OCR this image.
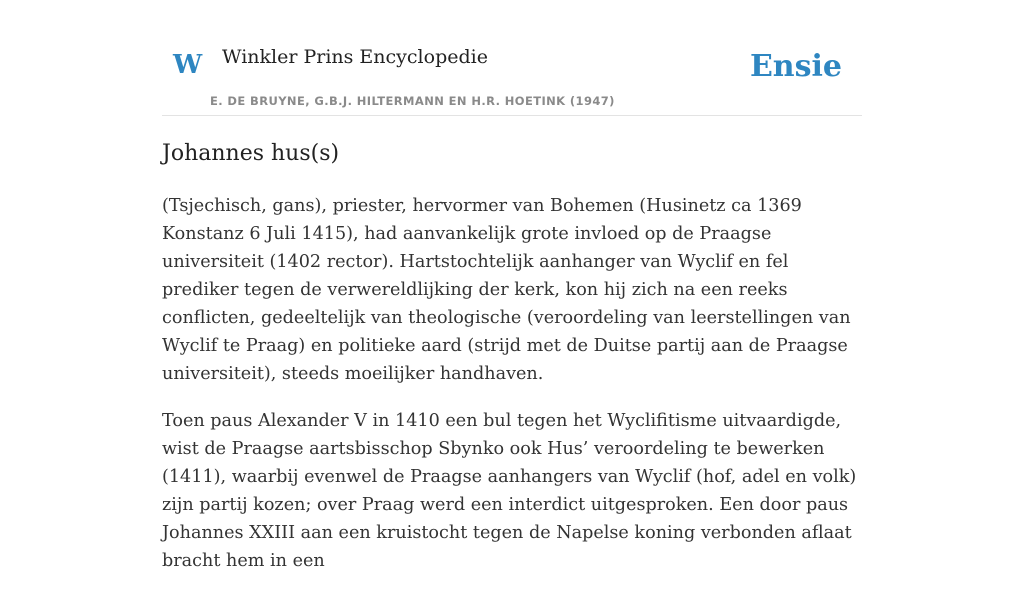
W Winkler Prins Encyclopedie
E. DE BRUYNE, G.B.J. HILTERMANN EN H.R. HOETINK (1947)
Ensie
Johannes hus(s)

(Tsjechisch, gans), priester, hervormer van Bohemen (Husinetz ca 1369 Konstanz 6 Juli 1415), had aanvankelijk grote invloed op de Praagse universiteit (1402 rector). Hartstochtelijk aanhanger van Wyclif en fel prediker tegen de verwereldlijking der kerk, kon hij zich na een reeks conflicten, gedeeltelijk van theologische (veroordeling van leerstellingen van Wyclif te Praag) en politieke aard (strijd met de Duitse partij aan de Praagse universiteit), steeds moeilijker handhaven.

Toen paus Alexander V in 1410 een bul tegen het Wyclifitisme uitvaardigde, wist de Praagse aartsbisschop Sbynko ook Hus’ veroordeling te bewerken (1411), waarbij evenwel de Praagse aanhangers van Wyclif (hof, adel en volk) zijn partij kozen; over Praag werd een interdict uitgesproken. Een door paus Johannes XXIII aan een kruistocht tegen de Napelse koning verbonden aflaat bracht hem in een
